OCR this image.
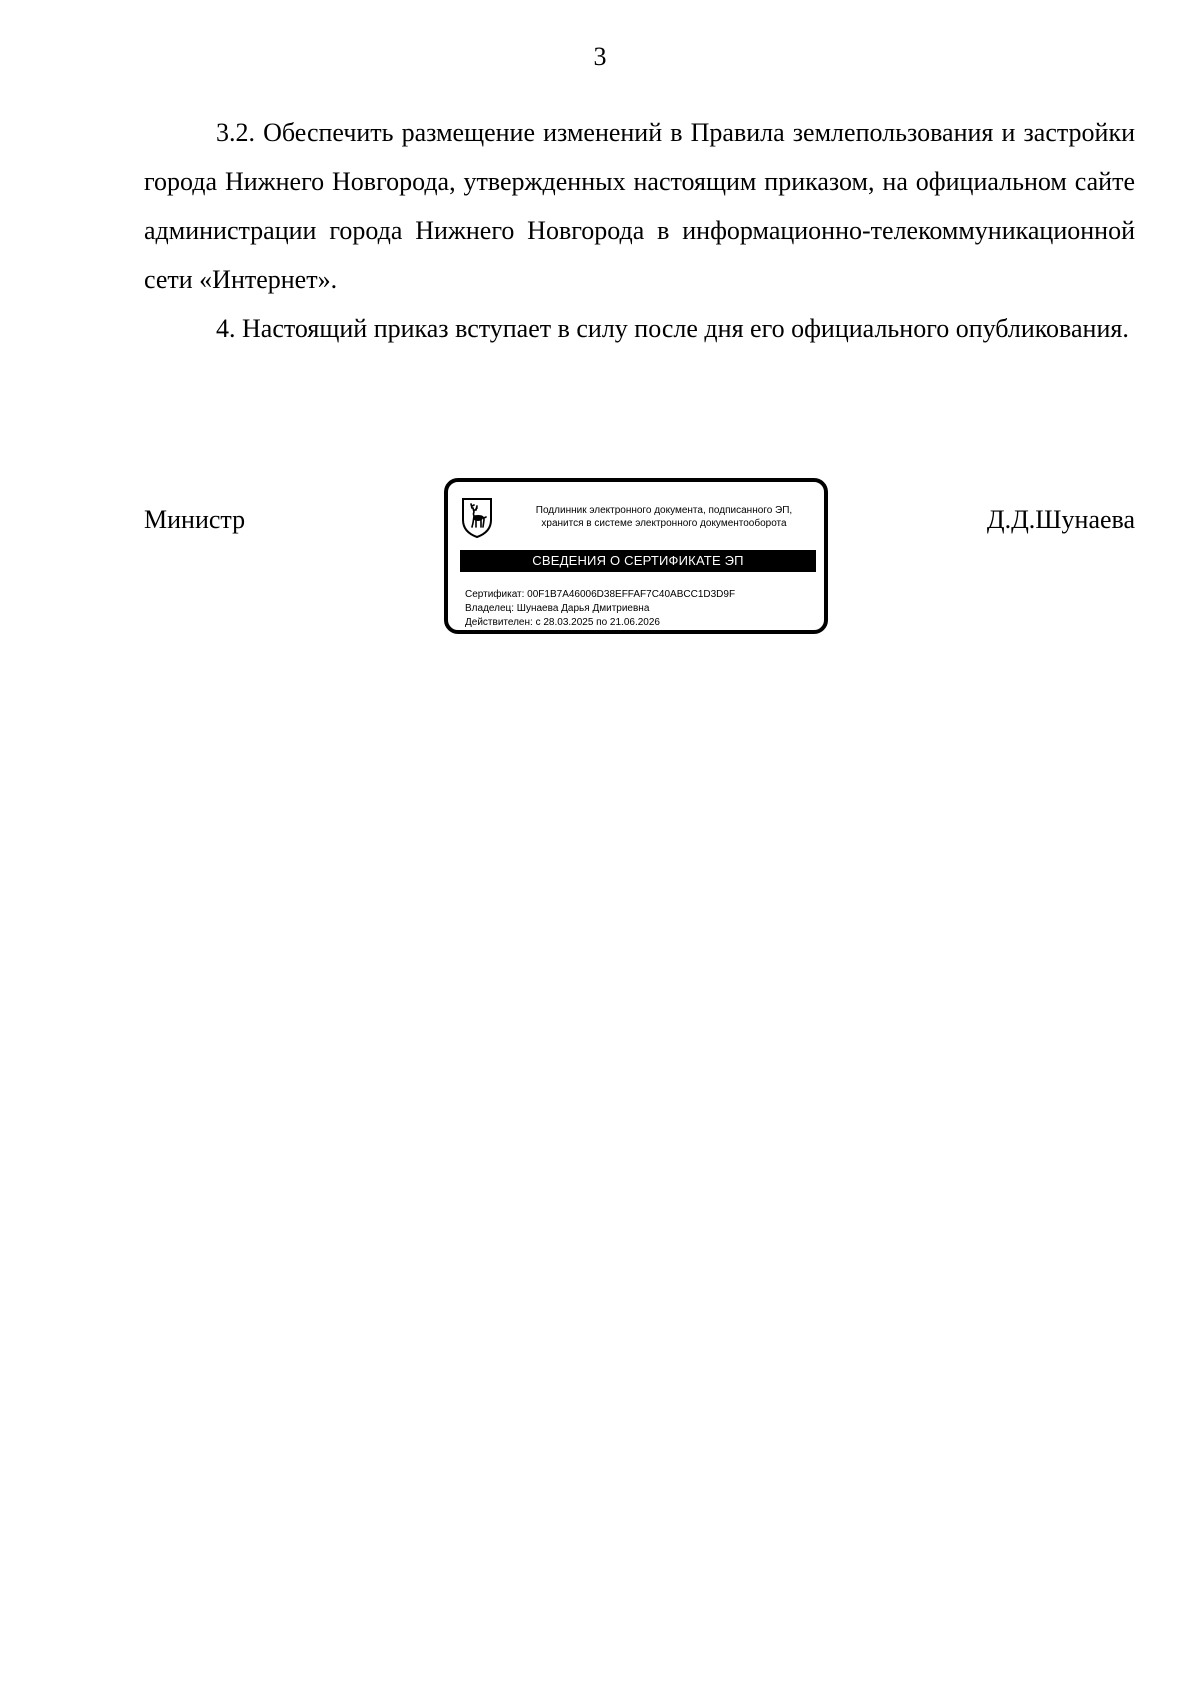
3

3.2. Обеспечить размещение изменений в Правила землепользования и застройки города Нижнего Новгорода, утвержденных настоящим приказом, на официальном сайте администрации города Нижнего Новгорода в информационно-телекоммуникационной сети «Интернет».

4. Настоящий приказ вступает в силу после дня его официального опубликования.

Министр	Подлинник электронного документа, подписанного ЭП,
хранится в системе электронного документооборота
СВЕДЕНИЯ О СЕРТИФИКАТЕ ЭП
Сертификат: 00F1B7A46006D38EFFAF7C40ABCC1D3D9F
Владелец: Шунаева Дарья Дмитриевна
Действителен: с 28.03.2025 по 21.06.2026
Д.Д.Шунаева
